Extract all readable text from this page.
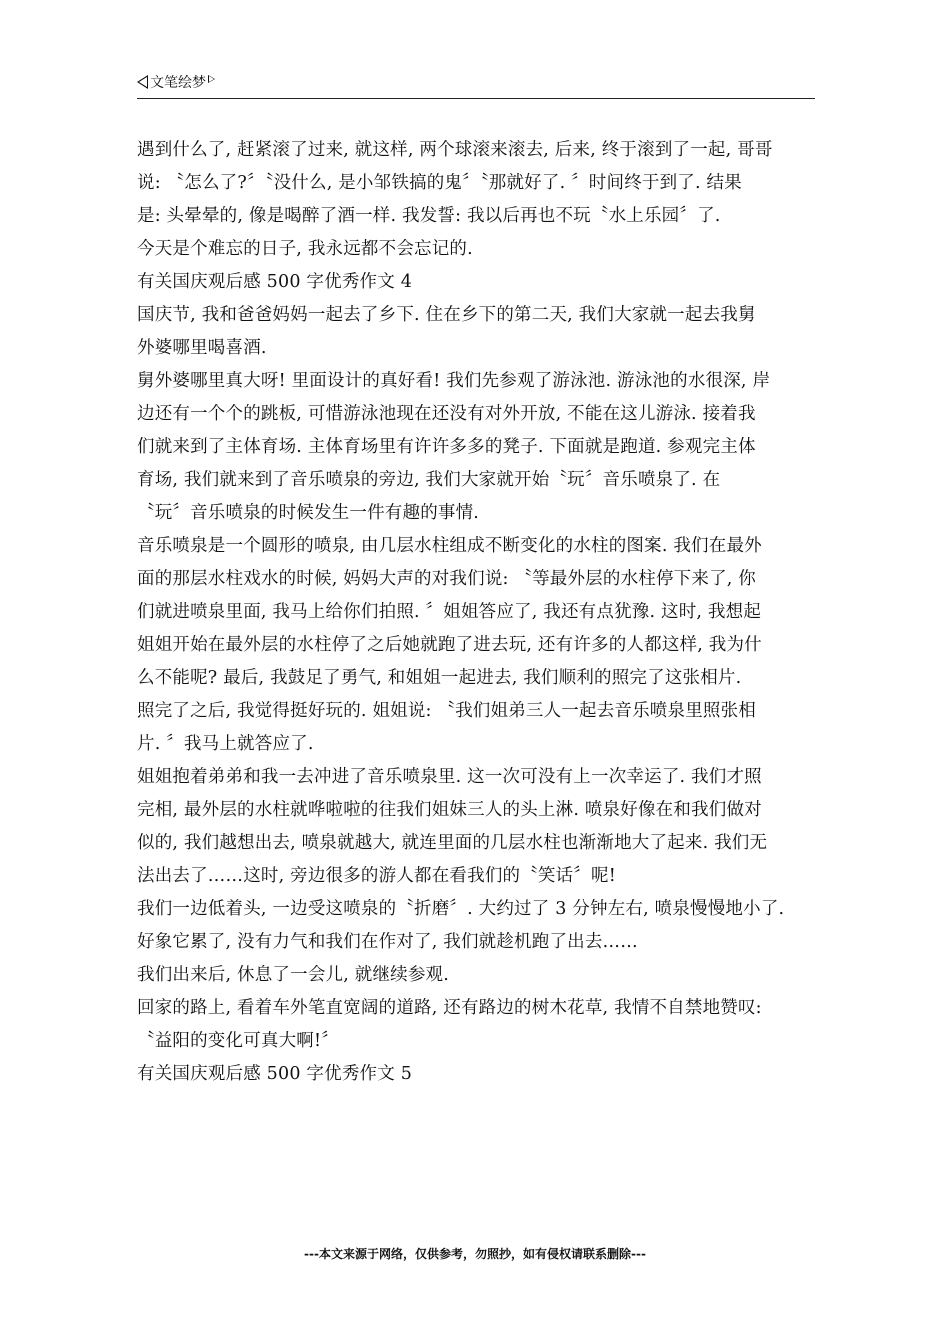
文笔绘梦
遇到什么了, 赶紧滚了过来, 就这样, 两个球滚来滚去, 后来, 终于滚到了一起, 哥哥
说: 〝怎么了?〞〝没什么, 是小邹铁搞的鬼〞〝那就好了. 〞时间终于到了. 结果
是: 头晕晕的, 像是喝醉了酒一样. 我发誓: 我以后再也不玩〝水上乐园〞了.
今天是个难忘的日子, 我永远都不会忘记的.
有关国庆观后感 500 字优秀作文 4
国庆节, 我和爸爸妈妈一起去了乡下. 住在乡下的第二天, 我们大家就一起去我舅
外婆哪里喝喜酒.
舅外婆哪里真大呀! 里面设计的真好看! 我们先参观了游泳池. 游泳池的水很深, 岸
边还有一个个的跳板, 可惜游泳池现在还没有对外开放, 不能在这儿游泳. 接着我
们就来到了主体育场. 主体育场里有许许多多的凳子. 下面就是跑道. 参观完主体
育场, 我们就来到了音乐喷泉的旁边, 我们大家就开始〝玩〞音乐喷泉了. 在
〝玩〞音乐喷泉的时候发生一件有趣的事情.
音乐喷泉是一个圆形的喷泉, 由几层水柱组成不断变化的水柱的图案. 我们在最外
面的那层水柱戏水的时候, 妈妈大声的对我们说: 〝等最外层的水柱停下来了, 你
们就进喷泉里面, 我马上给你们拍照. 〞姐姐答应了, 我还有点犹豫. 这时, 我想起
姐姐开始在最外层的水柱停了之后她就跑了进去玩, 还有许多的人都这样, 我为什
么不能呢? 最后, 我鼓足了勇气, 和姐姐一起进去, 我们顺利的照完了这张相片.
照完了之后, 我觉得挺好玩的. 姐姐说: 〝我们姐弟三人一起去音乐喷泉里照张相
片. 〞我马上就答应了.
姐姐抱着弟弟和我一去冲进了音乐喷泉里. 这一次可没有上一次幸运了. 我们才照
完相, 最外层的水柱就哗啦啦的往我们姐妹三人的头上淋. 喷泉好像在和我们做对
似的, 我们越想出去, 喷泉就越大, 就连里面的几层水柱也渐渐地大了起来. 我们无
法出去了……这时, 旁边很多的游人都在看我们的〝笑话〞呢!
我们一边低着头, 一边受这喷泉的〝折磨〞. 大约过了 3 分钟左右, 喷泉慢慢地小了.
好象它累了, 没有力气和我们在作对了, 我们就趁机跑了出去……
我们出来后, 休息了一会儿, 就继续参观.
回家的路上, 看着车外笔直宽阔的道路, 还有路边的树木花草, 我情不自禁地赞叹:
〝益阳的变化可真大啊!〞
有关国庆观后感 500 字优秀作文 5
---本文来源于网络，仅供参考，勿照抄，如有侵权请联系删除---
